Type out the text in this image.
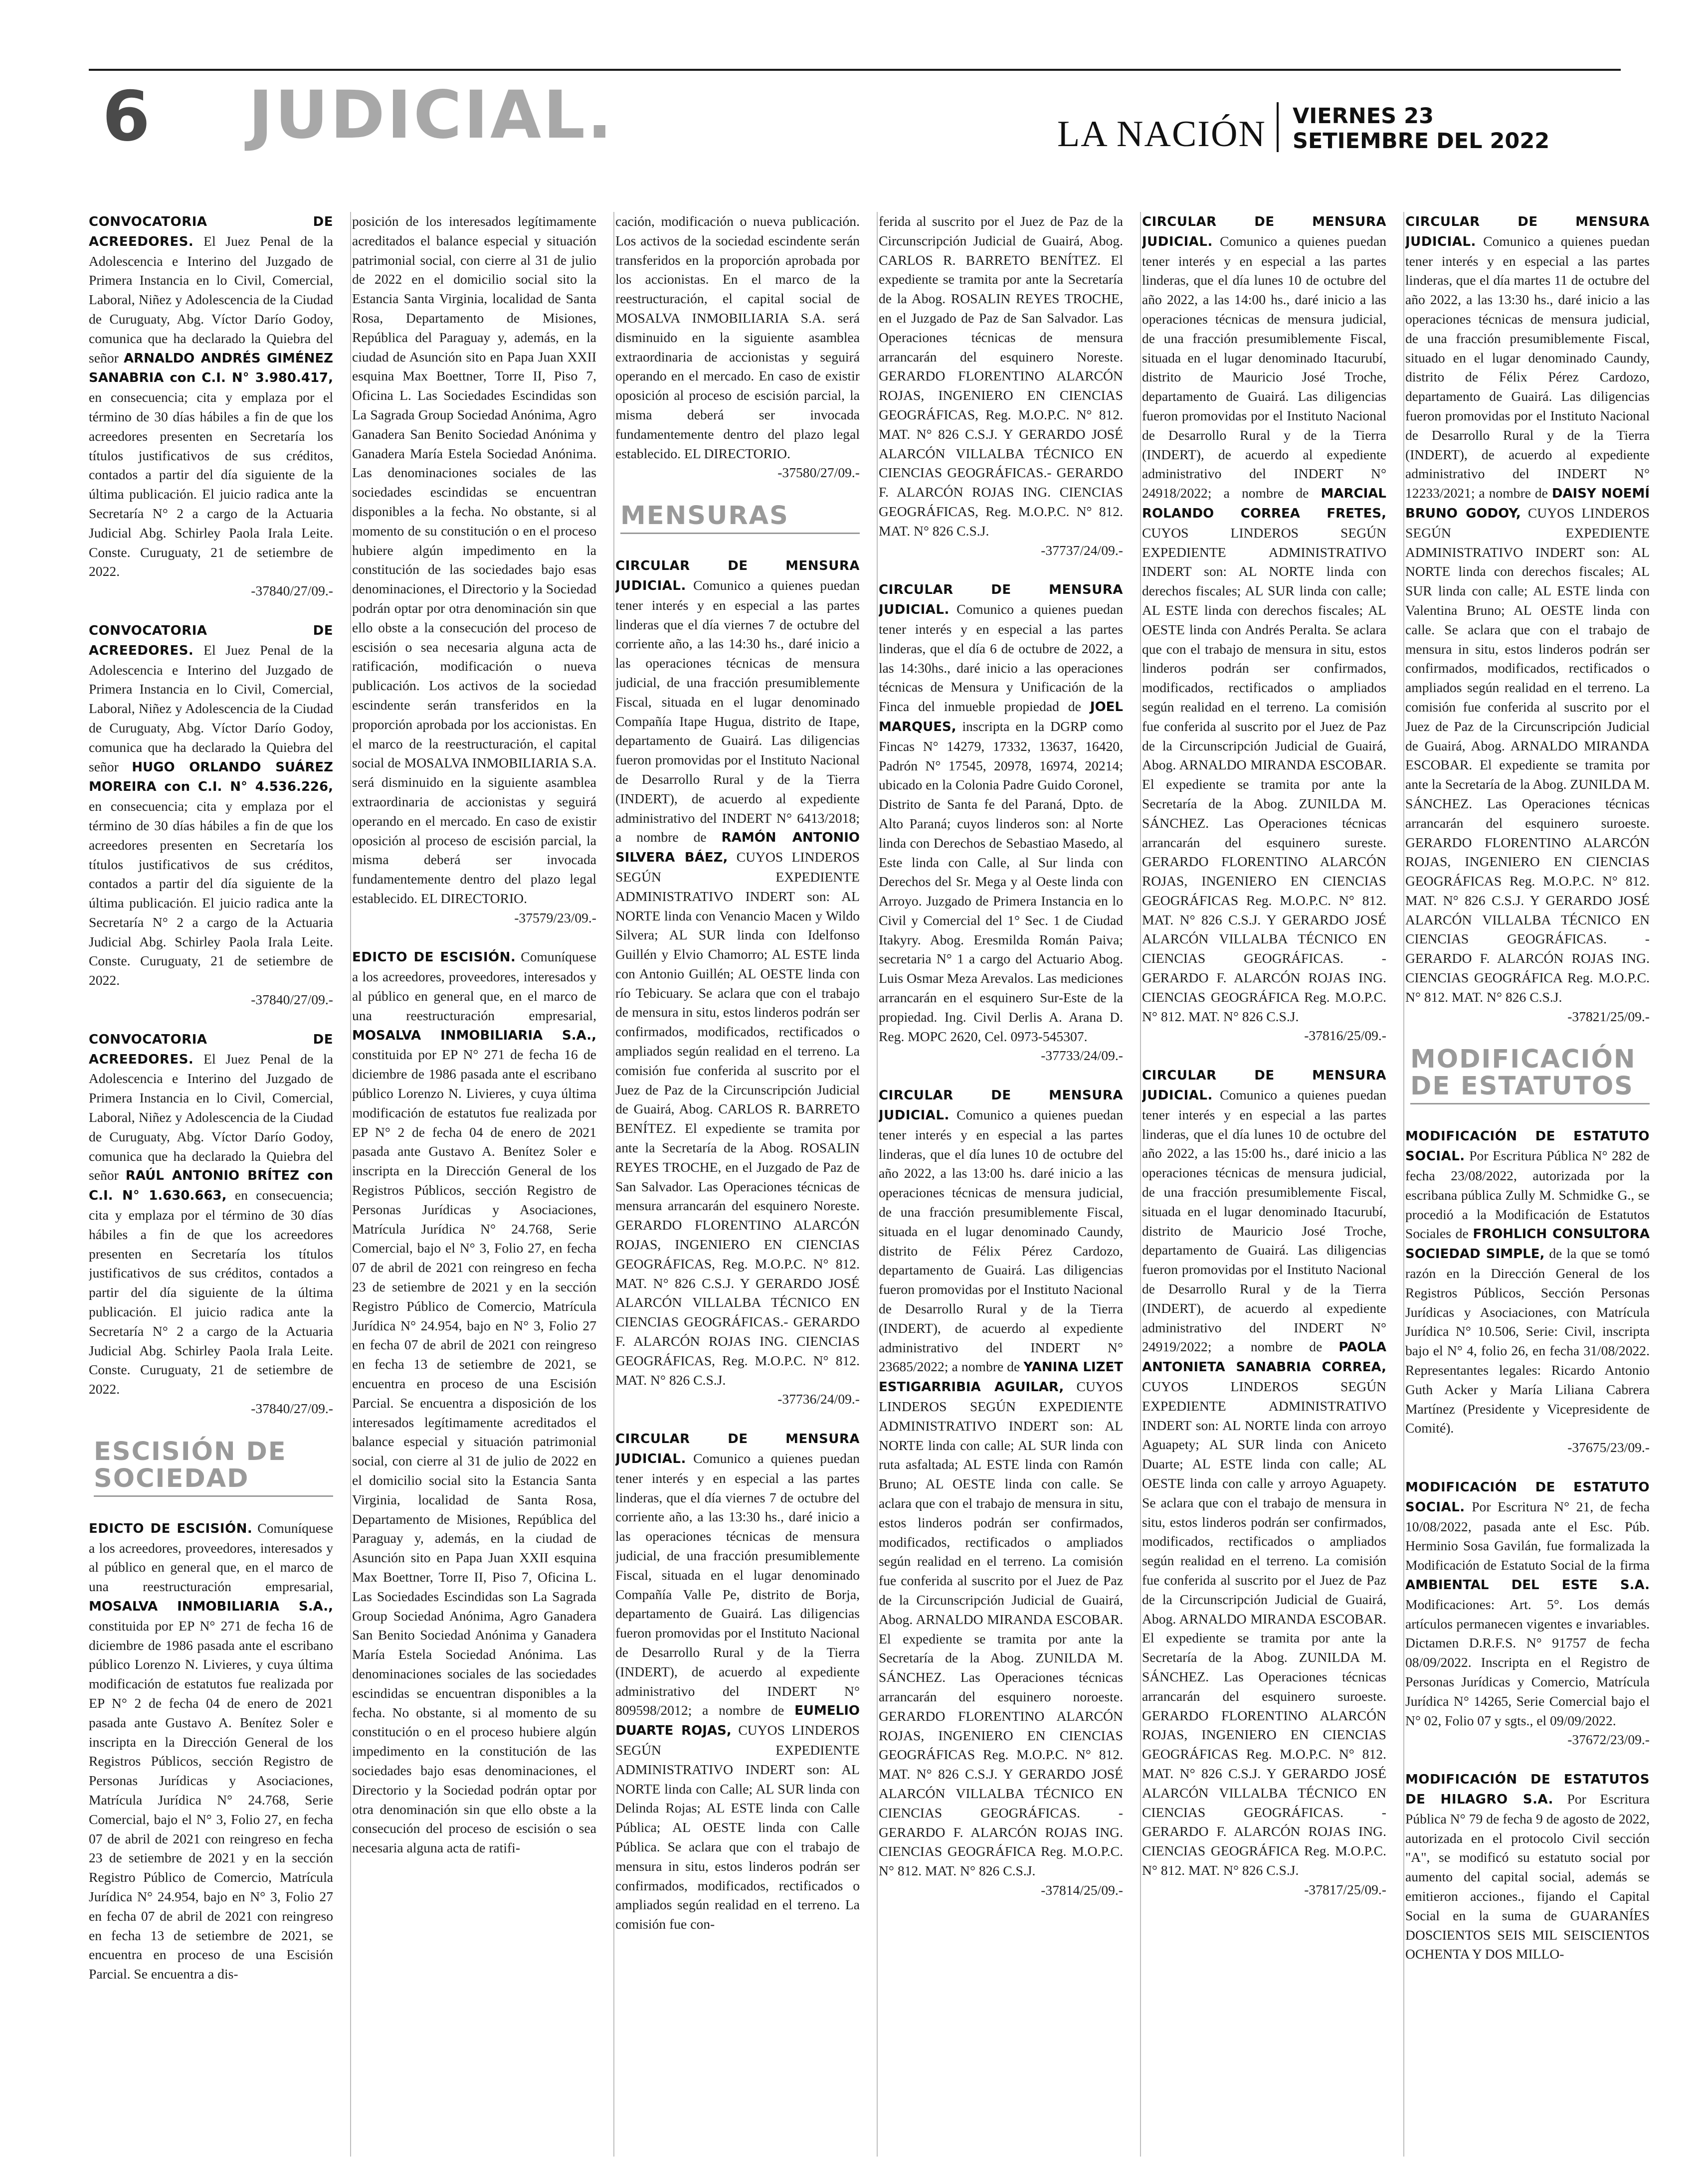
6 JUDICIAL.	LA NACIÓN VIERNES 23
SETIEMBRE DEL 2022

CONVOCATORIA DE ACREEDORES. El Juez Penal de la Adolescencia e Interino del Juzgado de Primera Instancia en lo Civil, Comercial, Laboral, Niñez y Adolescencia de la Ciudad de Curuguaty, Abg. Víctor Darío Godoy, comunica que ha declarado la Quiebra del señor ARNALDO ANDRÉS GIMÉNEZ SANABRIA con C.I. N° 3.980.417, en consecuencia; cita y emplaza por el término de 30 días hábiles a fin de que los acreedores presenten en Secretaría los títulos justificativos de sus créditos, contados a partir del día siguiente de la última publicación. El juicio radica ante la Secretaría N° 2 a cargo de la Actuaria Judicial Abg. Schirley Paola Irala Leite. Conste. Curuguaty, 21 de setiembre de 2022.
-37840/27/09.-

CONVOCATORIA DE ACREEDORES. El Juez Penal de la Adolescencia e Interino del Juzgado de Primera Instancia en lo Civil, Comercial, Laboral, Niñez y Adolescencia de la Ciudad de Curuguaty, Abg. Víctor Darío Godoy, comunica que ha declarado la Quiebra del señor HUGO ORLANDO SUÁREZ MOREIRA con C.I. N° 4.536.226, en consecuencia; cita y emplaza por el término de 30 días hábiles a fin de que los acreedores presenten en Secretaría los títulos justificativos de sus créditos, contados a partir del día siguiente de la última publicación. El juicio radica ante la Secretaría N° 2 a cargo de la Actuaria Judicial Abg. Schirley Paola Irala Leite. Conste. Curuguaty, 21 de setiembre de 2022.
-37840/27/09.-

CONVOCATORIA DE ACREEDORES. El Juez Penal de la Adolescencia e Interino del Juzgado de Primera Instancia en lo Civil, Comercial, Laboral, Niñez y Adolescencia de la Ciudad de Curuguaty, Abg. Víctor Darío Godoy, comunica que ha declarado la Quiebra del señor RAÚL ANTONIO BRÍTEZ con C.I. N° 1.630.663, en consecuencia; cita y emplaza por el término de 30 días hábiles a fin de que los acreedores presenten en Secretaría los títulos justificativos de sus créditos, contados a partir del día siguiente de la última publicación. El juicio radica ante la Secretaría N° 2 a cargo de la Actuaria Judicial Abg. Schirley Paola Irala Leite. Conste. Curuguaty, 21 de setiembre de 2022.
-37840/27/09.-

ESCISIÓN DE SOCIEDAD

EDICTO DE ESCISIÓN. Comuníquese a los acreedores, proveedores, interesados y al público en general que, en el marco de una reestructuración empresarial, MOSALVA INMOBILIARIA S.A., constituida por EP N° 271 de fecha 16 de diciembre de 1986 pasada ante el escribano público Lorenzo N. Livieres, y cuya última modificación de estatutos fue realizada por EP N° 2 de fecha 04 de enero de 2021 pasada ante Gustavo A. Benítez Soler e inscripta en la Dirección General de los Registros Públicos, sección Registro de Personas Jurídicas y Asociaciones, Matrícula Jurídica N° 24.768, Serie Comercial, bajo el N° 3, Folio 27, en fecha 07 de abril de 2021 con reingreso en fecha 23 de setiembre de 2021 y en la sección Registro Público de Comercio, Matrícula Jurídica N° 24.954, bajo en N° 3, Folio 27 en fecha 07 de abril de 2021 con reingreso en fecha 13 de setiembre de 2021, se encuentra en proceso de una Escisión Parcial. Se encuentra a dis-

posición de los interesados legítimamente acreditados el balance especial y situación patrimonial social, con cierre al 31 de julio de 2022 en el domicilio social sito la Estancia Santa Virginia, localidad de Santa Rosa, Departamento de Misiones, República del Paraguay y, además, en la ciudad de Asunción sito en Papa Juan XXII esquina Max Boettner, Torre II, Piso 7, Oficina L. Las Sociedades Escindidas son La Sagrada Group Sociedad Anónima, Agro Ganadera San Benito Sociedad Anónima y Ganadera María Estela Sociedad Anónima. Las denominaciones sociales de las sociedades escindidas se encuentran disponibles a la fecha. No obstante, si al momento de su constitución o en el proceso hubiere algún impedimento en la constitución de las sociedades bajo esas denominaciones, el Directorio y la Sociedad podrán optar por otra denominación sin que ello obste a la consecución del proceso de escisión o sea necesaria alguna acta de ratificación, modificación o nueva publicación. Los activos de la sociedad escindente serán transferidos en la proporción aprobada por los accionistas. En el marco de la reestructuración, el capital social de MOSALVA INMOBILIARIA S.A. será disminuido en la siguiente asamblea extraordinaria de accionistas y seguirá operando en el mercado. En caso de existir oposición al proceso de escisión parcial, la misma deberá ser invocada fundamentemente dentro del plazo legal establecido. EL DIRECTORIO.
-37579/23/09.-

EDICTO DE ESCISIÓN. Comuníquese a los acreedores, proveedores, interesados y al público en general que, en el marco de una reestructuración empresarial, MOSALVA INMOBILIARIA S.A., constituida por EP N° 271 de fecha 16 de diciembre de 1986 pasada ante el escribano público Lorenzo N. Livieres, y cuya última modificación de estatutos fue realizada por EP N° 2 de fecha 04 de enero de 2021 pasada ante Gustavo A. Benítez Soler e inscripta en la Dirección General de los Registros Públicos, sección Registro de Personas Jurídicas y Asociaciones, Matrícula Jurídica N° 24.768, Serie Comercial, bajo el N° 3, Folio 27, en fecha 07 de abril de 2021 con reingreso en fecha 23 de setiembre de 2021 y en la sección Registro Público de Comercio, Matrícula Jurídica N° 24.954, bajo en N° 3, Folio 27 en fecha 07 de abril de 2021 con reingreso en fecha 13 de setiembre de 2021, se encuentra en proceso de una Escisión Parcial. Se encuentra a disposición de los interesados legítimamente acreditados el balance especial y situación patrimonial social, con cierre al 31 de julio de 2022 en el domicilio social sito la Estancia Santa Virginia, localidad de Santa Rosa, Departamento de Misiones, República del Paraguay y, además, en la ciudad de Asunción sito en Papa Juan XXII esquina Max Boettner, Torre II, Piso 7, Oficina L. Las Sociedades Escindidas son La Sagrada Group Sociedad Anónima, Agro Ganadera San Benito Sociedad Anónima y Ganadera María Estela Sociedad Anónima. Las denominaciones sociales de las sociedades escindidas se encuentran disponibles a la fecha. No obstante, si al momento de su constitución o en el proceso hubiere algún impedimento en la constitución de las sociedades bajo esas denominaciones, el Directorio y la Sociedad podrán optar por otra denominación sin que ello obste a la consecución del proceso de escisión o sea necesaria alguna acta de ratifi-

cación, modificación o nueva publicación. Los activos de la sociedad escindente serán transferidos en la proporción aprobada por los accionistas. En el marco de la reestructuración, el capital social de MOSALVA INMOBILIARIA S.A. será disminuido en la siguiente asamblea extraordinaria de accionistas y seguirá operando en el mercado. En caso de existir oposición al proceso de escisión parcial, la misma deberá ser invocada fundamentemente dentro del plazo legal establecido. EL DIRECTORIO.
-37580/27/09.-

MENSURAS

CIRCULAR DE MENSURA JUDICIAL. Comunico a quienes puedan tener interés y en especial a las partes linderas que el día viernes 7 de octubre del corriente año, a las 14:30 hs., daré inicio a las operaciones técnicas de mensura judicial, de una fracción presumiblemente Fiscal, situada en el lugar denominado Compañía Itape Hugua, distrito de Itape, departamento de Guairá. Las diligencias fueron promovidas por el Instituto Nacional de Desarrollo Rural y de la Tierra (INDERT), de acuerdo al expediente administrativo del INDERT N° 6413/2018; a nombre de RAMÓN ANTONIO SILVERA BÁEZ, CUYOS LINDEROS SEGÚN EXPEDIENTE ADMINISTRATIVO INDERT son: AL NORTE linda con Venancio Macen y Wildo Silvera; AL SUR linda con Idelfonso Guillén y Elvio Chamorro; AL ESTE linda con Antonio Guillén; AL OESTE linda con río Tebicuary. Se aclara que con el trabajo de mensura in situ, estos linderos podrán ser confirmados, modificados, rectificados o ampliados según realidad en el terreno. La comisión fue conferida al suscrito por el Juez de Paz de la Circunscripción Judicial de Guairá, Abog. CARLOS R. BARRETO BENÍTEZ. El expediente se tramita por ante la Secretaría de la Abog. ROSALIN REYES TROCHE, en el Juzgado de Paz de San Salvador. Las Operaciones técnicas de mensura arrancarán del esquinero Noreste. GERARDO FLORENTINO ALARCÓN ROJAS, INGENIERO EN CIENCIAS GEOGRÁFICAS, Reg. M.O.P.C. N° 812. MAT. N° 826 C.S.J. Y GERARDO JOSÉ ALARCÓN VILLALBA TÉCNICO EN CIENCIAS GEOGRÁFICAS.- GERARDO F. ALARCÓN ROJAS ING. CIENCIAS GEOGRÁFICAS, Reg. M.O.P.C. N° 812. MAT. N° 826 C.S.J.
-37736/24/09.-

CIRCULAR DE MENSURA JUDICIAL. Comunico a quienes puedan tener interés y en especial a las partes linderas, que el día viernes 7 de octubre del corriente año, a las 13:30 hs., daré inicio a las operaciones técnicas de mensura judicial, de una fracción presumiblemente Fiscal, situada en el lugar denominado Compañía Valle Pe, distrito de Borja, departamento de Guairá. Las diligencias fueron promovidas por el Instituto Nacional de Desarrollo Rural y de la Tierra (INDERT), de acuerdo al expediente administrativo del INDERT N° 809598/2012; a nombre de EUMELIO DUARTE ROJAS, CUYOS LINDEROS SEGÚN EXPEDIENTE ADMINISTRATIVO INDERT son: AL NORTE linda con Calle; AL SUR linda con Delinda Rojas; AL ESTE linda con Calle Pública; AL OESTE linda con Calle Pública. Se aclara que con el trabajo de mensura in situ, estos linderos podrán ser confirmados, modificados, rectificados o ampliados según realidad en el terreno. La comisión fue con-

ferida al suscrito por el Juez de Paz de la Circunscripción Judicial de Guairá, Abog. CARLOS R. BARRETO BENÍTEZ. El expediente se tramita por ante la Secretaría de la Abog. ROSALIN REYES TROCHE, en el Juzgado de Paz de San Salvador. Las Operaciones técnicas de mensura arrancarán del esquinero Noreste. GERARDO FLORENTINO ALARCÓN ROJAS, INGENIERO EN CIENCIAS GEOGRÁFICAS, Reg. M.O.P.C. N° 812. MAT. N° 826 C.S.J. Y GERARDO JOSÉ ALARCÓN VILLALBA TÉCNICO EN CIENCIAS GEOGRÁFICAS.- GERARDO F. ALARCÓN ROJAS ING. CIENCIAS GEOGRÁFICAS, Reg. M.O.P.C. N° 812. MAT. N° 826 C.S.J.
-37737/24/09.-

CIRCULAR DE MENSURA JUDICIAL. Comunico a quienes puedan tener interés y en especial a las partes linderas, que el día 6 de octubre de 2022, a las 14:30hs., daré inicio a las operaciones técnicas de Mensura y Unificación de la Finca del inmueble propiedad de JOEL MARQUES, inscripta en la DGRP como Fincas N° 14279, 17332, 13637, 16420, Padrón N° 17545, 20978, 16974, 20214; ubicado en la Colonia Padre Guido Coronel, Distrito de Santa fe del Paraná, Dpto. de Alto Paraná; cuyos linderos son: al Norte linda con Derechos de Sebastiao Masedo, al Este linda con Calle, al Sur linda con Derechos del Sr. Mega y al Oeste linda con Arroyo. Juzgado de Primera Instancia en lo Civil y Comercial del 1° Sec. 1 de Ciudad Itakyry. Abog. Eresmilda Román Paiva; secretaria N° 1 a cargo del Actuario Abog. Luis Osmar Meza Arevalos. Las mediciones arrancarán en el esquinero Sur-Este de la propiedad. Ing. Civil Derlis A. Arana D. Reg. MOPC 2620, Cel. 0973-545307.
-37733/24/09.-

CIRCULAR DE MENSURA JUDICIAL. Comunico a quienes puedan tener interés y en especial a las partes linderas, que el día lunes 10 de octubre del año 2022, a las 13:00 hs. daré inicio a las operaciones técnicas de mensura judicial, de una fracción presumiblemente Fiscal, situada en el lugar denominado Caundy, distrito de Félix Pérez Cardozo, departamento de Guairá. Las diligencias fueron promovidas por el Instituto Nacional de Desarrollo Rural y de la Tierra (INDERT), de acuerdo al expediente administrativo del INDERT N° 23685/2022; a nombre de YANINA LIZET ESTIGARRIBIA AGUILAR, CUYOS LINDEROS SEGÚN EXPEDIENTE ADMINISTRATIVO INDERT son: AL NORTE linda con calle; AL SUR linda con ruta asfaltada; AL ESTE linda con Ramón Bruno; AL OESTE linda con calle. Se aclara que con el trabajo de mensura in situ, estos linderos podrán ser confirmados, modificados, rectificados o ampliados según realidad en el terreno. La comisión fue conferida al suscrito por el Juez de Paz de la Circunscripción Judicial de Guairá, Abog. ARNALDO MIRANDA ESCOBAR. El expediente se tramita por ante la Secretaría de la Abog. ZUNILDA M. SÁNCHEZ. Las Operaciones técnicas arrancarán del esquinero noroeste. GERARDO FLORENTINO ALARCÓN ROJAS, INGENIERO EN CIENCIAS GEOGRÁFICAS Reg. M.O.P.C. N° 812. MAT. N° 826 C.S.J. Y GERARDO JOSÉ ALARCÓN VILLALBA TÉCNICO EN CIENCIAS GEOGRÁFICAS. - GERARDO F. ALARCÓN ROJAS ING. CIENCIAS GEOGRÁFICA Reg. M.O.P.C. N° 812. MAT. N° 826 C.S.J.
-37814/25/09.-

CIRCULAR DE MENSURA JUDICIAL. Comunico a quienes puedan tener interés y en especial a las partes linderas, que el día lunes 10 de octubre del año 2022, a las 14:00 hs., daré inicio a las operaciones técnicas de mensura judicial, de una fracción presumiblemente Fiscal, situada en el lugar denominado Itacurubí, distrito de Mauricio José Troche, departamento de Guairá. Las diligencias fueron promovidas por el Instituto Nacional de Desarrollo Rural y de la Tierra (INDERT), de acuerdo al expediente administrativo del INDERT N° 24918/2022; a nombre de MARCIAL ROLANDO CORREA FRETES, CUYOS LINDEROS SEGÚN EXPEDIENTE ADMINISTRATIVO INDERT son: AL NORTE linda con derechos fiscales; AL SUR linda con calle; AL ESTE linda con derechos fiscales; AL OESTE linda con Andrés Peralta. Se aclara que con el trabajo de mensura in situ, estos linderos podrán ser confirmados, modificados, rectificados o ampliados según realidad en el terreno. La comisión fue conferida al suscrito por el Juez de Paz de la Circunscripción Judicial de Guairá, Abog. ARNALDO MIRANDA ESCOBAR. El expediente se tramita por ante la Secretaría de la Abog. ZUNILDA M. SÁNCHEZ. Las Operaciones técnicas arrancarán del esquinero sureste. GERARDO FLORENTINO ALARCÓN ROJAS, INGENIERO EN CIENCIAS GEOGRÁFICAS Reg. M.O.P.C. N° 812. MAT. N° 826 C.S.J. Y GERARDO JOSÉ ALARCÓN VILLALBA TÉCNICO EN CIENCIAS GEOGRÁFICAS. - GERARDO F. ALARCÓN ROJAS ING. CIENCIAS GEOGRÁFICA Reg. M.O.P.C. N° 812. MAT. N° 826 C.S.J.
-37816/25/09.-

CIRCULAR DE MENSURA JUDICIAL. Comunico a quienes puedan tener interés y en especial a las partes linderas, que el día lunes 10 de octubre del año 2022, a las 15:00 hs., daré inicio a las operaciones técnicas de mensura judicial, de una fracción presumiblemente Fiscal, situada en el lugar denominado Itacurubí, distrito de Mauricio José Troche, departamento de Guairá. Las diligencias fueron promovidas por el Instituto Nacional de Desarrollo Rural y de la Tierra (INDERT), de acuerdo al expediente administrativo del INDERT N° 24919/2022; a nombre de PAOLA ANTONIETA SANABRIA CORREA, CUYOS LINDEROS SEGÚN EXPEDIENTE ADMINISTRATIVO INDERT son: AL NORTE linda con arroyo Aguapety; AL SUR linda con Aniceto Duarte; AL ESTE linda con calle; AL OESTE linda con calle y arroyo Aguapety. Se aclara que con el trabajo de mensura in situ, estos linderos podrán ser confirmados, modificados, rectificados o ampliados según realidad en el terreno. La comisión fue conferida al suscrito por el Juez de Paz de la Circunscripción Judicial de Guairá, Abog. ARNALDO MIRANDA ESCOBAR. El expediente se tramita por ante la Secretaría de la Abog. ZUNILDA M. SÁNCHEZ. Las Operaciones técnicas arrancarán del esquinero suroeste. GERARDO FLORENTINO ALARCÓN ROJAS, INGENIERO EN CIENCIAS GEOGRÁFICAS Reg. M.O.P.C. N° 812. MAT. N° 826 C.S.J. Y GERARDO JOSÉ ALARCÓN VILLALBA TÉCNICO EN CIENCIAS GEOGRÁFICAS. - GERARDO F. ALARCÓN ROJAS ING. CIENCIAS GEOGRÁFICA Reg. M.O.P.C. N° 812. MAT. N° 826 C.S.J.
-37817/25/09.-

CIRCULAR DE MENSURA JUDICIAL. Comunico a quienes puedan tener interés y en especial a las partes linderas, que el día martes 11 de octubre del año 2022, a las 13:30 hs., daré inicio a las operaciones técnicas de mensura judicial, de una fracción presumiblemente Fiscal, situado en el lugar denominado Caundy, distrito de Félix Pérez Cardozo, departamento de Guairá. Las diligencias fueron promovidas por el Instituto Nacional de Desarrollo Rural y de la Tierra (INDERT), de acuerdo al expediente administrativo del INDERT N° 12233/2021; a nombre de DAISY NOEMÍ BRUNO GODOY, CUYOS LINDEROS SEGÚN EXPEDIENTE ADMINISTRATIVO INDERT son: AL NORTE linda con derechos fiscales; AL SUR linda con calle; AL ESTE linda con Valentina Bruno; AL OESTE linda con calle. Se aclara que con el trabajo de mensura in situ, estos linderos podrán ser confirmados, modificados, rectificados o ampliados según realidad en el terreno. La comisión fue conferida al suscrito por el Juez de Paz de la Circunscripción Judicial de Guairá, Abog. ARNALDO MIRANDA ESCOBAR. El expediente se tramita por ante la Secretaría de la Abog. ZUNILDA M. SÁNCHEZ. Las Operaciones técnicas arrancarán del esquinero suroeste. GERARDO FLORENTINO ALARCÓN ROJAS, INGENIERO EN CIENCIAS GEOGRÁFICAS Reg. M.O.P.C. N° 812. MAT. N° 826 C.S.J. Y GERARDO JOSÉ ALARCÓN VILLALBA TÉCNICO EN CIENCIAS GEOGRÁFICAS. - GERARDO F. ALARCÓN ROJAS ING. CIENCIAS GEOGRÁFICA Reg. M.O.P.C. N° 812. MAT. N° 826 C.S.J.
-37821/25/09.-

MODIFICACIÓN DE ESTATUTOS

MODIFICACIÓN DE ESTATUTO SOCIAL. Por Escritura Pública N° 282 de fecha 23/08/2022, autorizada por la escribana pública Zully M. Schmidke G., se procedió a la Modificación de Estatutos Sociales de FROHLICH CONSULTORA SOCIEDAD SIMPLE, de la que se tomó razón en la Dirección General de los Registros Públicos, Sección Personas Jurídicas y Asociaciones, con Matrícula Jurídica N° 10.506, Serie: Civil, inscripta bajo el N° 4, folio 26, en fecha 31/08/2022. Representantes legales: Ricardo Antonio Guth Acker y María Liliana Cabrera Martínez (Presidente y Vicepresidente de Comité).
-37675/23/09.-

MODIFICACIÓN DE ESTATUTO SOCIAL. Por Escritura N° 21, de fecha 10/08/2022, pasada ante el Esc. Púb. Herminio Sosa Gavilán, fue formalizada la Modificación de Estatuto Social de la firma AMBIENTAL DEL ESTE S.A. Modificaciones: Art. 5°. Los demás artículos permanecen vigentes e invariables. Dictamen D.R.F.S. N° 91757 de fecha 08/09/2022. Inscripta en el Registro de Personas Jurídicas y Comercio, Matrícula Jurídica N° 14265, Serie Comercial bajo el N° 02, Folio 07 y sgts., el 09/09/2022.
-37672/23/09.-

MODIFICACIÓN DE ESTATUTOS DE HILAGRO S.A. Por Escritura Pública N° 79 de fecha 9 de agosto de 2022, autorizada en el protocolo Civil sección "A", se modificó su estatuto social por aumento del capital social, además se emitieron acciones., fijando el Capital Social en la suma de GUARANÍES DOSCIENTOS SEIS MIL SEISCIENTOS OCHENTA Y DOS MILLO-
